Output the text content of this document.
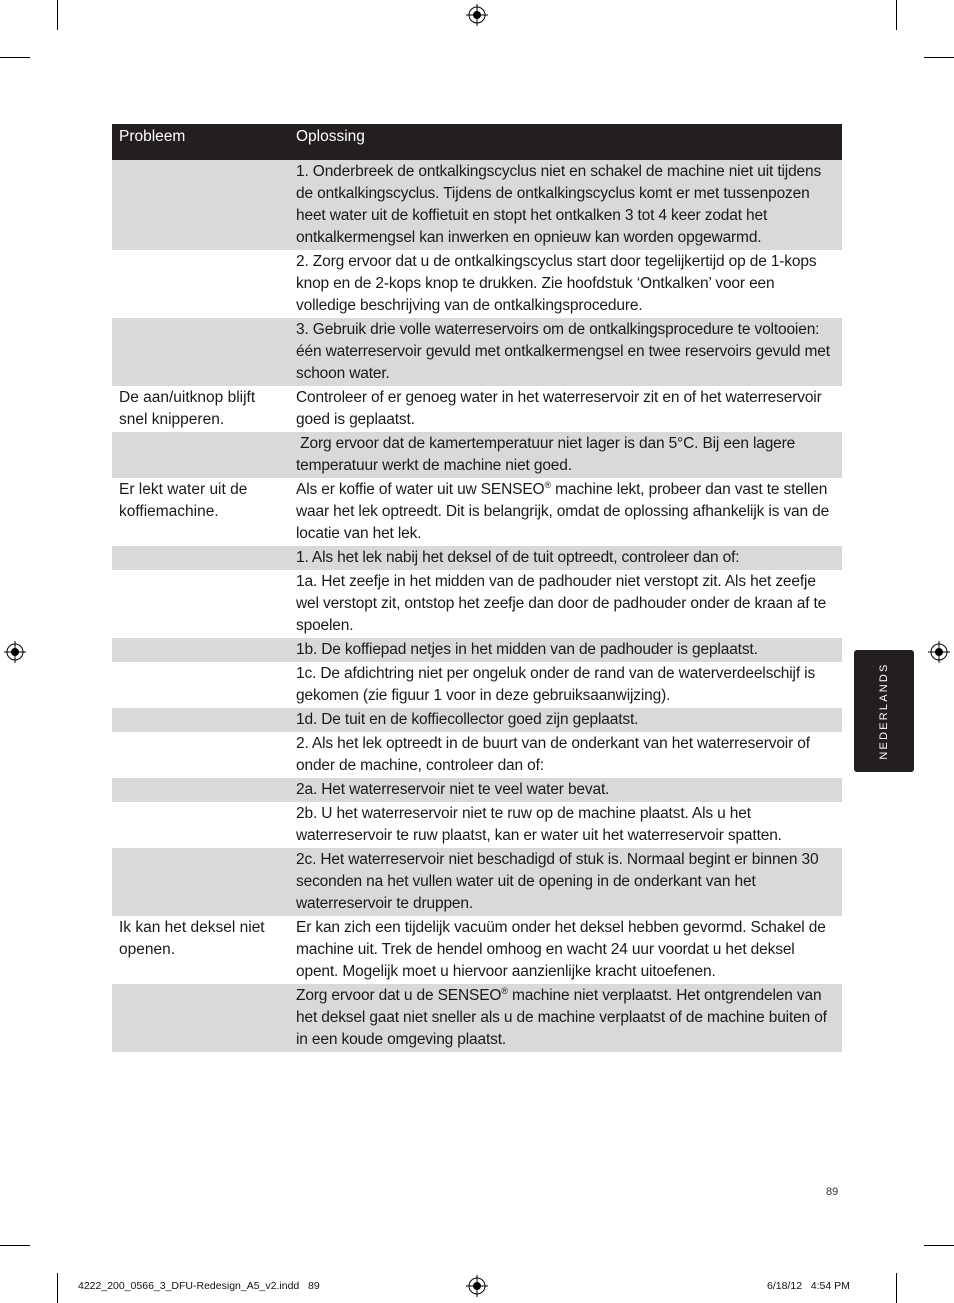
Probleem	Oplossing
1. Onderbreek de ontkalkingscyclus niet en schakel de machine niet uit tijdens de ontkalkingscyclus. Tijdens de ontkalkingscyclus komt er met tussenpozen heet water uit de koffietuit en stopt het ontkalken 3 tot 4 keer zodat het ontkalkermengsel kan inwerken en opnieuw kan worden opgewarmd.
2. Zorg ervoor dat u de ontkalkingscyclus start door tegelijkertijd op de 1-kops knop en de 2-kops knop te drukken. Zie hoofdstuk ‘Ontkalken’ voor een volledige beschrijving van de ontkalkingsprocedure.
3. Gebruik drie volle waterreservoirs om de ontkalkingsprocedure te voltooien: één waterreservoir gevuld met ontkalkermengsel en twee reservoirs gevuld met schoon water.
De aan/uitknop blijft snel knipperen.
Controleer of er genoeg water in het waterreservoir zit en of het waterreservoir goed is geplaatst.
Zorg ervoor dat de kamertemperatuur niet lager is dan 5°C. Bij een lagere temperatuur werkt de machine niet goed.
Er lekt water uit de koffiemachine.
Als er koffie of water uit uw SENSEO® machine lekt, probeer dan vast te stellen waar het lek optreedt. Dit is belangrijk, omdat de oplossing afhankelijk is van de locatie van het lek.
1. Als het lek nabij het deksel of de tuit optreedt, controleer dan of:
1a. Het zeefje in het midden van de padhouder niet verstopt zit. Als het zeefje wel verstopt zit, ontstop het zeefje dan door de padhouder onder de kraan af te spoelen.
1b. De koffiepad netjes in het midden van de padhouder is geplaatst.
1c. De afdichtring niet per ongeluk onder de rand van de waterverdeelschijf is gekomen (zie figuur 1 voor in deze gebruiksaanwijzing).
1d. De tuit en de koffiecollector goed zijn geplaatst.
2. Als het lek optreedt in de buurt van de onderkant van het waterreservoir of onder de machine, controleer dan of:
2a. Het waterreservoir niet te veel water bevat.
2b. U het waterreservoir niet te ruw op de machine plaatst. Als u het waterreservoir te ruw plaatst, kan er water uit het waterreservoir spatten.
2c. Het waterreservoir niet beschadigd of stuk is. Normaal begint er binnen 30 seconden na het vullen water uit de opening in de onderkant van het waterreservoir te druppen.
Ik kan het deksel niet openen.
Er kan zich een tijdelijk vacuüm onder het deksel hebben gevormd. Schakel de machine uit. Trek de hendel omhoog en wacht 24 uur voordat u het deksel opent. Mogelijk moet u hiervoor aanzienlijke kracht uitoefenen.
Zorg ervoor dat u de SENSEO® machine niet verplaatst. Het ontgrendelen van het deksel gaat niet sneller als u de machine verplaatst of de machine buiten of in een koude omgeving plaatst.
NEDERLANDS
89
4222_200_0566_3_DFU-Redesign_A5_v2.indd   89	6/18/12   4:54 PM
